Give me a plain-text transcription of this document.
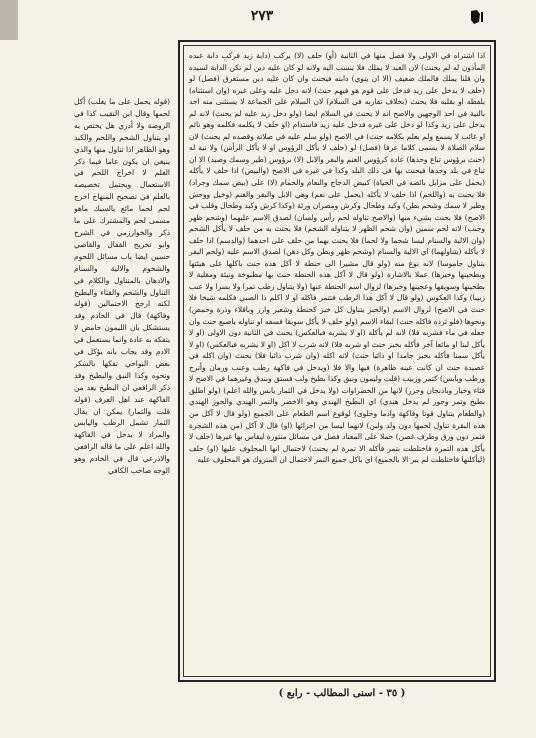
٢٧٣

اذا اشتراه في الاولى ولا فصل منها في الثانية (أو) حلف (لا) يركب (دابة زيد فركب دابة عبده المأذون له لم يحنث) لان العبد لا يملك فلا ينسب اليه ولانه لو كان عليه دين لم تكن الدابة لسيده وان قلنا يملك فالملك ضعيف (الا ان ينوي) دابته فيحنث وان كان عليه دين مستغرق (فصل) لو (حلف لا يدخل على زيد فدخل على قوم هو فيهم حنث) لانه دخل عليه وعلى غيره (وان استثناه) بلفظه او بقلبه فلا يحنث (بخلاف تقاربه في السلام) لان السلام على الجماعة لا يستثنى منه احد بالنية في احد الوجهين والاصح انه لا يحنث في السلام ايضا (ولو دخل زيد عليه لم يحنث) لانه لم يدخل على زيد وكذا لو دخل على غيره فدخل عليه زيد فاستدام (او حلف لا يكلمه فكلمه وهو نائم او غائب لا يسمع ولم يعلم بكلامه حنث) في الاصح (ولو سلم عليه في صلاته وقصده لم يحنث) لان سلام الصلاة لا يسمى كلاما عرفا (فصل) لو (حلف لا يأكل الرؤوس او لا يأكل الرأس) ولا نية له (حنث برؤوس تباع وحدها) عادة كرؤوس الغنم والبقر والابل (لا) برؤوس (طير وسمك وصيد) الا ان تباع في بلد وحدها فيحنث بها في ذلك البلد وكذا في غيره في الاصح (والبيض) اذا حلف لا يأكله (يحمل على مزايل بائضه في الحياة) كبيض الدجاج والنعام والحمام (لا) على (بيض سمك وجراد) فلا يحنث به (واللحم) اذا حلف لا يأكله (يحمل على نعم) وهي الابل والبقر والغنم (وخيل ووحش وطير لا سمك وشحم بطن) وكبد وطحال وكرش ومصران ورئة (وكذا كرش وكبد وطحال وقلب في الاصح) فلا يحنث بشيء منها (والاصح تناوله لحم رأس ولسان) لصدق الاسم عليهما (وشحم ظهر وجنب) لانه لحم سمين (وان شحم الظهر لا يتناوله الشحم) فلا يحنث به من حلف لا يأكل الشحم (وان الالية والسنام ليسا شحما ولا لحما) فلا يحنث بهما من حلف على احدهما (والدسم) اذا حلف لا يأكله (يتناولهما) اي الالية والسنام (وشحم ظهر وبطن وكل دهن) لصدق الاسم عليه (ولحم البقر يتناول جاموسا) لانه نوع منه (ولو قال مشيرا الى حنطة لا آكل هذه حنث باكلها على هيئتها وبطحينها وخبزها) عملا بالاشارة (ولو قال لا آكل هذه الحنطة حنث بها مطبوخة ونيئة ومقلية لا بطحينها وسويقها وعجينها وخبزها) لزوال اسم الحنطة عنها (ولا يتناول رطب تمرا ولا بسرا ولا عنب زبيبا) وكذا العكوس (ولو قال لا آكل هذا الرطب فتتمر فاكله او لا اكلم ذا الصبي فكلمه شيخا فلا حنث في الاصح) لزوال الاسم (والخبز يتناول كل خبز كحنطة وشعير وارز وباقلاء وذرة وحمص) ونحوها (فلو ثرده فاكله حنث) لبقاء الاسم (ولو حلف لا يأكل سويقا فسفه او تناوله باصبع حنث وان جعله في ماء فشربه فلا) لانه لم يأكله (او لا يشربه فبالعكس) يحنث في الثانية دون الاولى (او لا يأكل لبنا او مائعا آخر فأكله بخبز حنث او شربه فلا) لانه شرب لا اكل (او لا يشربه فبالعكس) (او لا يأكل سمنا فأكله بخبز جامدا او ذائبا حنث) لانه اكله (وان شرب ذائبا فلا) يحنث (وان اكله في عصيدة حنث ان كانت عينه ظاهرة) فيها والا فلا (ويدخل في فاكهة رطب وعنب ورمان وأترج ورطب ويابس) كتمر وزبيب (قلت وليمون ونبق وكذا بطيخ ولب فستق وبندق وغيرهما في الاصح لا قثاء وخيار وباذنجان وجزر) لانها من الخضراوات (ولا يدخل في الثمار يابس والله اعلم) (ولو اطلق بطيخ وتمر وجوز لم يدخل هندي) اي البطيخ الهندي وهو الاخضر والتمر الهندي والجوز الهندي (والطعام يتناول قوتا وفاكهة وادما وحلوى) لوقوع اسم الطعام على الجميع (ولو قال لا آكل من هذه البقرة تناول لحمها دون ولد ولبن) لانهما ليسا من اجزائها (او) قال لا آكل (من هذه الشجرة فثمر دون ورق وطرف غصن) حملا على المعتاد فصل في مسائل منثورة ليقاس بها غيرها (حلف لا يأكل هذه التمرة فاختلطت بتمر فأكله الا تمرة لم يحنث) لاحتمال انها المحلوف عليها (او) حلف (ليأكلنها فاختلطت لم يبر الا بالجميع) اي باكل جميع التمر لاحتمال ان المتروك هو المحلوف عليه

(قوله يحمل على ما يغلب) أكل لحمها وقال ابن النقيب كذا في الروضة ولا أدري هل يختص به او يتناول الشحم واللحم والكبد وهو الظاهر اذا تناول منها والذي ينبغي ان يكون عاما فيما ذكر العلم لا اخراج اللحم في الاستعمال ويحتمل تخصيصه بالعلم في تصحيح المنهاج اخرج لحم لحما مائع بالسبك ماهو مسمى لحم والمشترك على ما ذكر والخوارزمي في الشرح وابو تخريج القفال والقاضي حسين ايضا باب مسائل اللحوم والشحوم والالية والسنام والادهان بالمتناول والكلام في التناول والشحم والقثاء والبطيخ لكنه ارجح الاحتمالين (قوله وفاكهة) قال في الخادم وقد يستشكل بان الليمون حامض لا يتفكه به عادة وانما يستعمل في الادم وقد يجاب بانه يؤكل في بعض النواحي تفكها بالسكر ونحوه وكذا النبق والبطيخ وقد ذكر الرافعي ان البطيخ يعد من الفاكهة عند اهل العرف (قوله قلت والثمار) يمكن ان يقال الثمار تشمل الرطب واليابس والمراد لا يدخل في الفاكهة والله اعلم على ما قاله الرافعي والاذرعي قال في الخادم وهو الوجه صاحب الكافي

( ٣٥ - اسنى المطالب - رابع )
